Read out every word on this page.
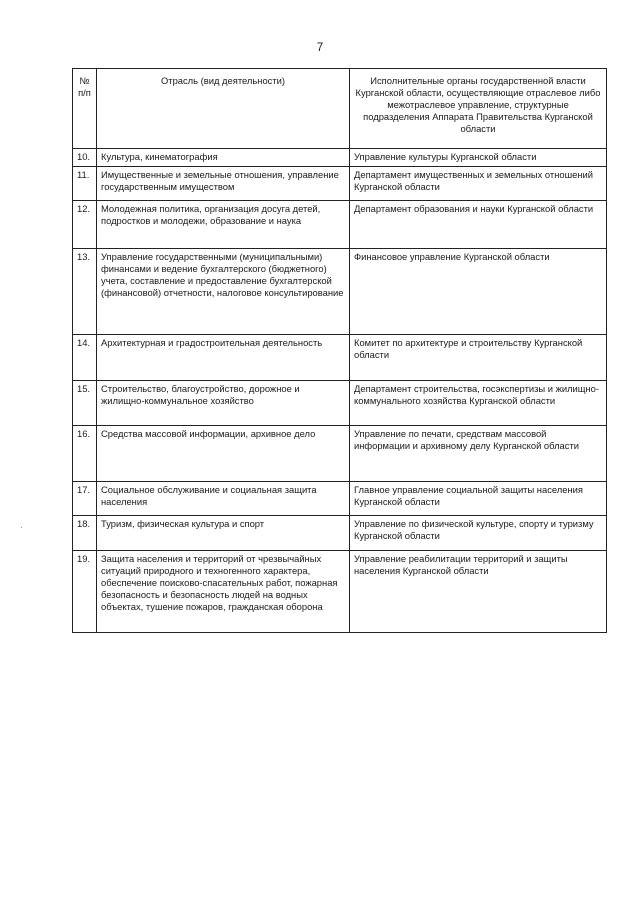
7
№
п/п	Отрасль (вид деятельности)	Исполнительные органы государственной власти Курганской области, осуществляющие отраслевое либо межотраслевое управление, структурные подразделения Аппарата Правительства Курганской области
10.	Культура, кинематография	Управление культуры Курганской области
11.	Имущественные и земельные отношения, управление государственным имуществом	Департамент имущественных и земельных отношений Курганской области
12.	Молодежная политика, организация досуга детей, подростков и молодежи, образование и наука	Департамент образования и науки Курганской области
13.	Управление государственными (муниципальными) финансами и ведение бухгалтерского (бюджетного) учета, составление и предоставление бухгалтерской (финансовой) отчетности, налоговое консультирование	Финансовое управление Курганской области
14.	Архитектурная и градостроительная деятельность	Комитет по архитектуре и строительству Курганской области
15.	Строительство, благоустройство, дорожное и жилищно-коммунальное хозяйство	Департамент строительства, госэкспертизы и жилищно-коммунального хозяйства Курганской области
16.	Средства массовой информации, архивное дело	Управление по печати, средствам массовой информации и архивному делу Курганской области
17.	Социальное обслуживание и социальная защита населения	Главное управление социальной защиты населения Курганской области
18.	Туризм, физическая культура и спорт	Управление по физической культуре, спорту и туризму Курганской области
19.	Защита населения и территорий от чрезвычайных ситуаций природного и техногенного характера, обеспечение поисково-спасательных работ, пожарная безопасность и безопасность людей на водных объектах, тушение пожаров, гражданская оборона	Управление реабилитации территорий и защиты населения Курганской области
·
